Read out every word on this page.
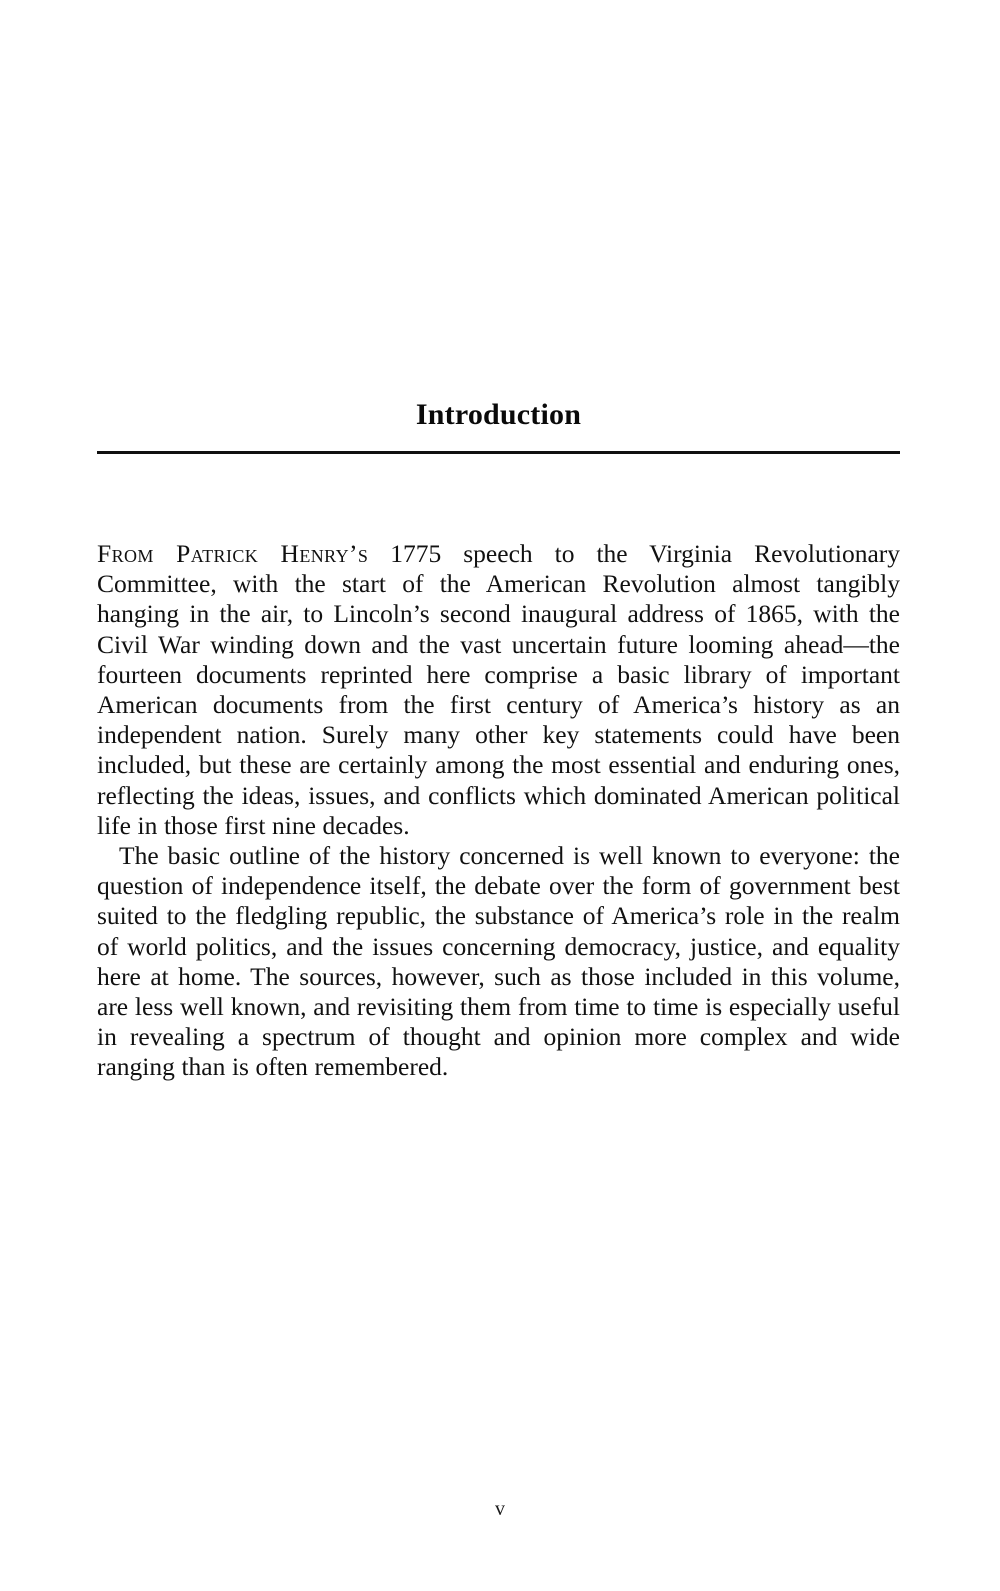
Introduction

From Patrick Henry’s 1775 speech to the Virginia Revolutionary Committee, with the start of the American Revolution almost tangibly hanging in the air, to Lincoln’s second inaugural address of 1865, with the Civil War winding down and the vast uncertain future looming ahead—the fourteen documents reprinted here comprise a basic library of important American documents from the first century of America’s history as an independent nation. Surely many other key statements could have been included, but these are certainly among the most essential and enduring ones, reflecting the ideas, issues, and conflicts which dominated American political life in those first nine decades.

The basic outline of the history concerned is well known to everyone: the question of independence itself, the debate over the form of government best suited to the fledgling republic, the substance of America’s role in the realm of world politics, and the issues concerning democracy, justice, and equality here at home. The sources, however, such as those included in this volume, are less well known, and revisiting them from time to time is especially useful in revealing a spectrum of thought and opinion more complex and wide ranging than is often remembered.

v
